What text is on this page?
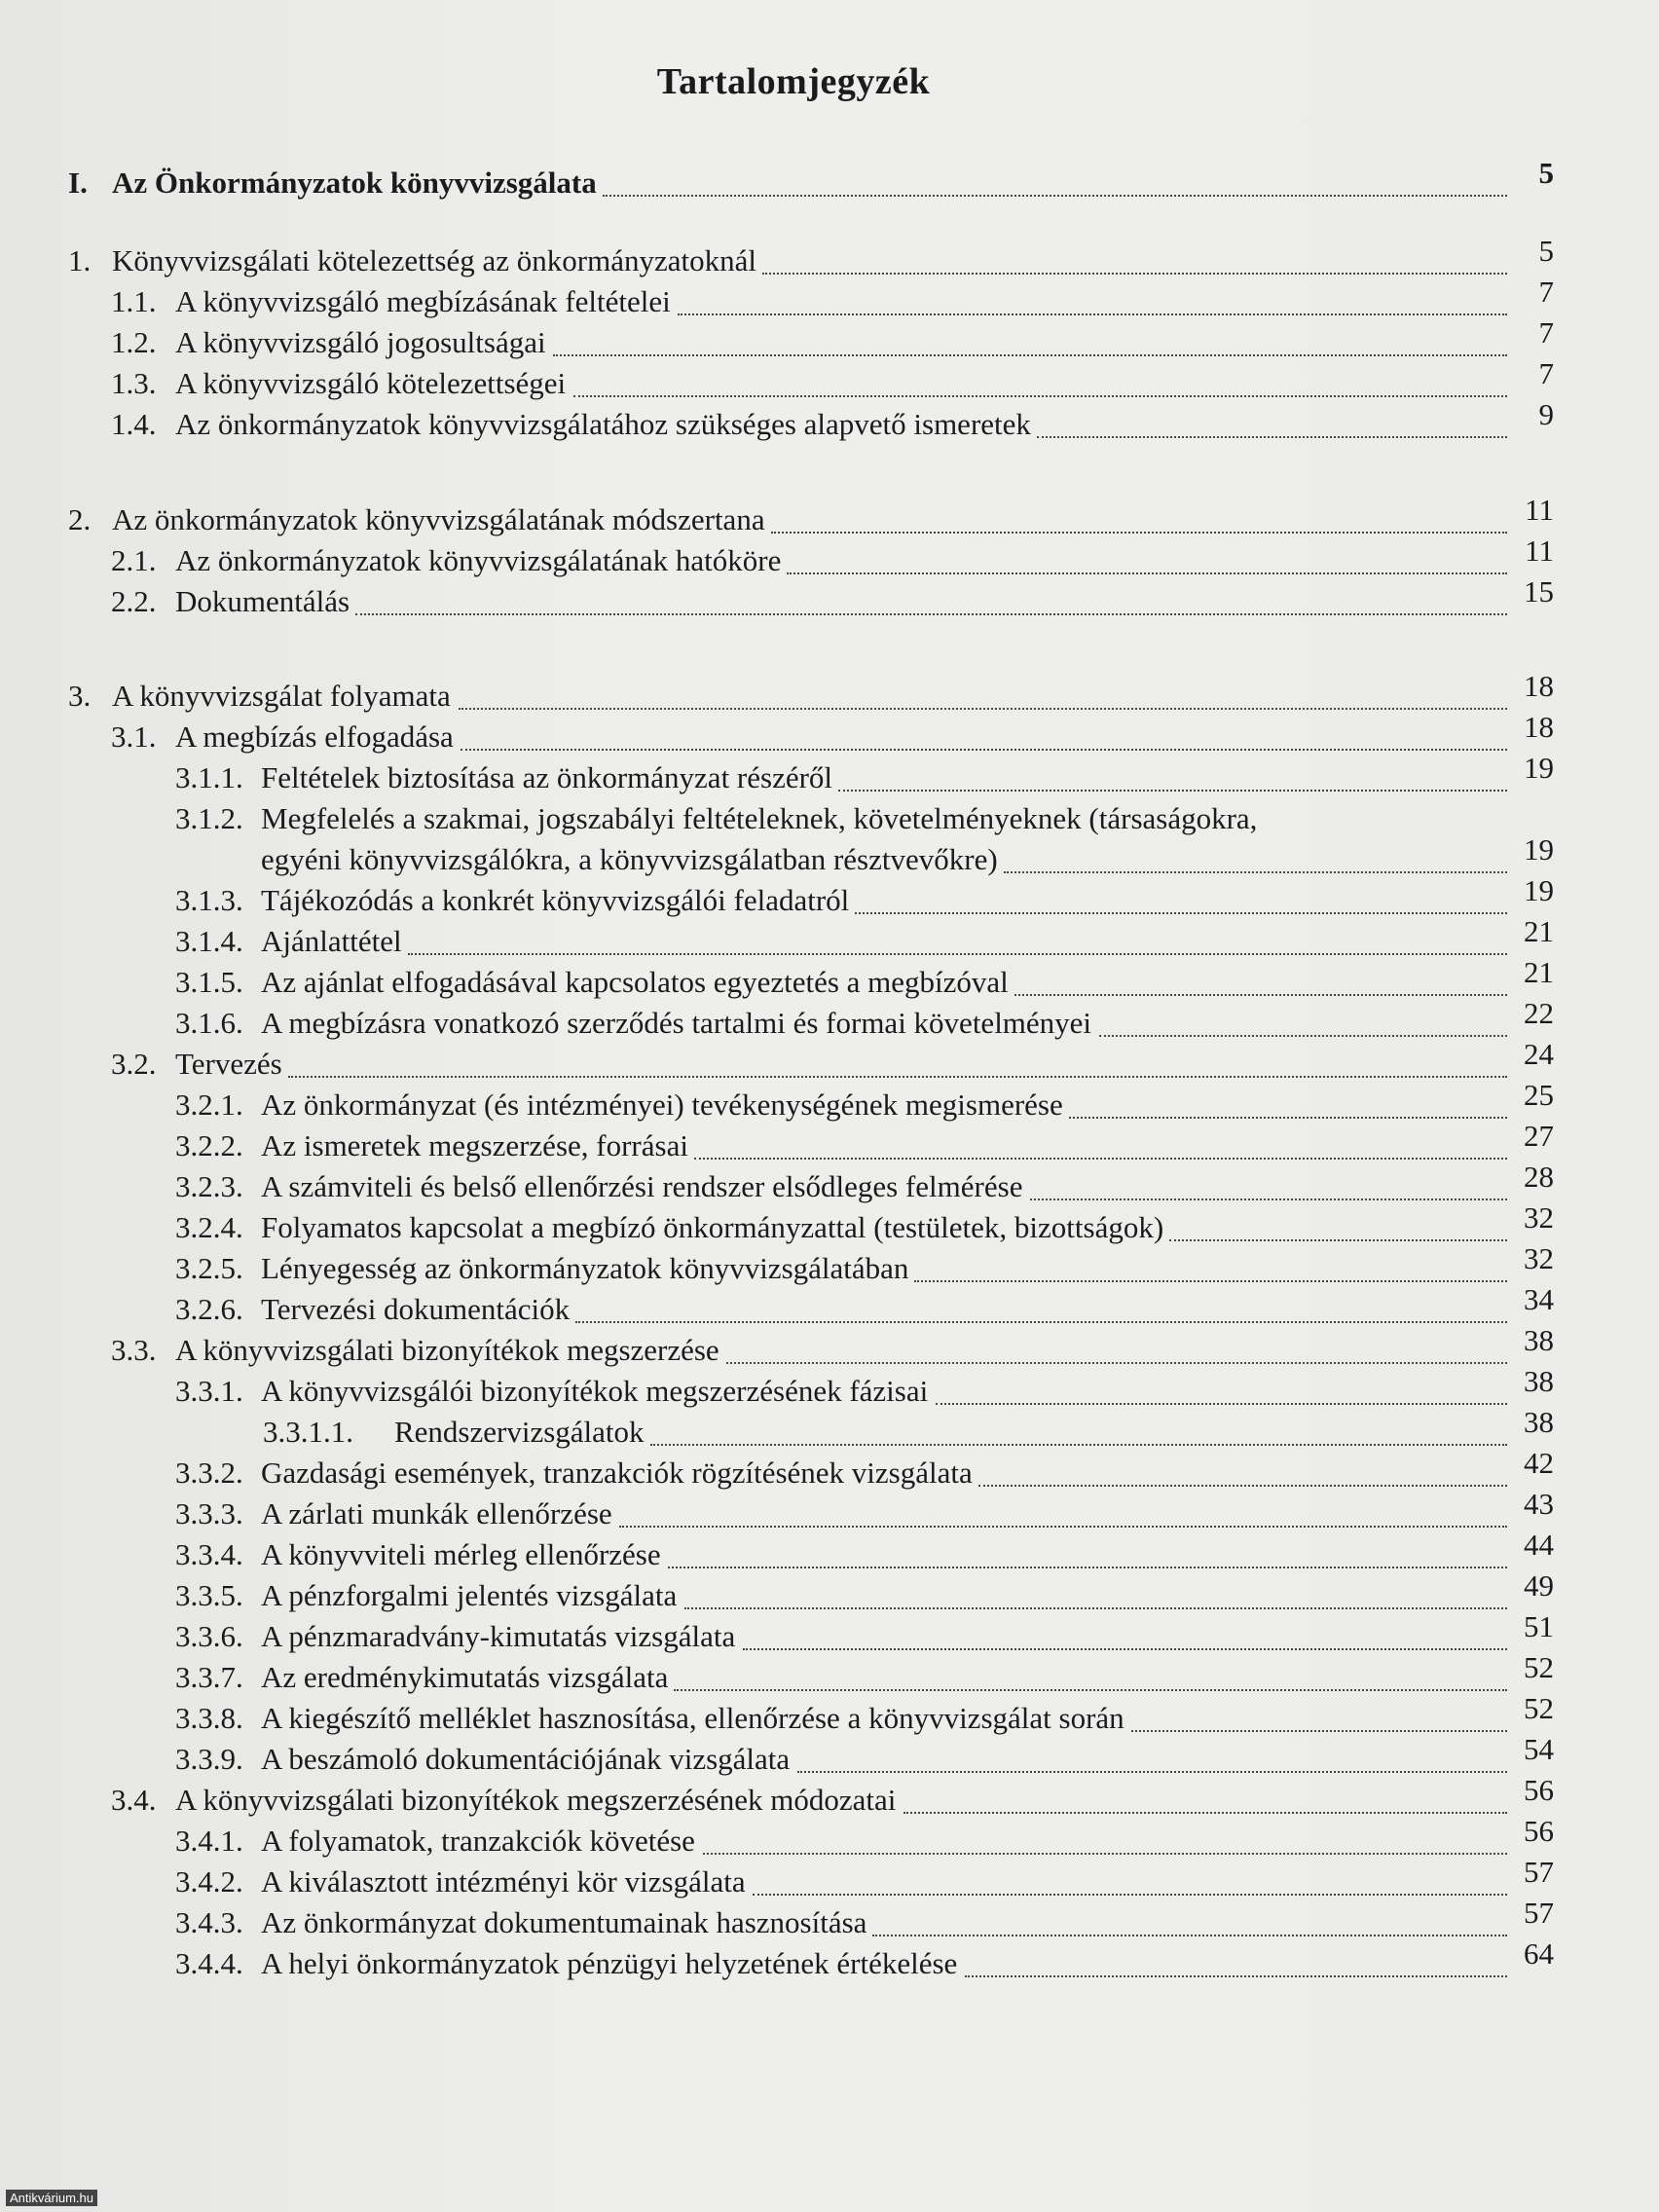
Tartalomjegyzék
I. Az Önkormányzatok könyvvizsgálata	5
1. Könyvvizsgálati kötelezettség az önkormányzatoknál	5
1.1. A könyvvizsgáló megbízásának feltételei	7
1.2. A könyvvizsgáló jogosultságai	7
1.3. A könyvvizsgáló kötelezettségei	7
1.4. Az önkormányzatok könyvvizsgálatához szükséges alapvető ismeretek	9
2. Az önkormányzatok könyvvizsgálatának módszertana	11
2.1. Az önkormányzatok könyvvizsgálatának hatóköre	11
2.2. Dokumentálás	15
3. A könyvvizsgálat folyamata	18
3.1. A megbízás elfogadása	18
3.1.1. Feltételek biztosítása az önkormányzat részéről	19
3.1.2. Megfelelés a szakmai, jogszabályi feltételeknek, követelményeknek (társaságokra,
egyéni könyvvizsgálókra, a könyvvizsgálatban résztvevőkre)	19
3.1.3. Tájékozódás a konkrét könyvvizsgálói feladatról	19
3.1.4. Ajánlattétel	21
3.1.5. Az ajánlat elfogadásával kapcsolatos egyeztetés a megbízóval	21
3.1.6. A megbízásra vonatkozó szerződés tartalmi és formai követelményei	22
3.2. Tervezés	24
3.2.1. Az önkormányzat (és intézményei) tevékenységének megismerése	25
3.2.2. Az ismeretek megszerzése, forrásai	27
3.2.3. A számviteli és belső ellenőrzési rendszer elsődleges felmérése	28
3.2.4. Folyamatos kapcsolat a megbízó önkormányzattal (testületek, bizottságok)	32
3.2.5. Lényegesség az önkormányzatok könyvvizsgálatában	32
3.2.6. Tervezési dokumentációk	34
3.3. A könyvvizsgálati bizonyítékok megszerzése	38
3.3.1. A könyvvizsgálói bizonyítékok megszerzésének fázisai	38
3.3.1.1. Rendszervizsgálatok	38
3.3.2. Gazdasági események, tranzakciók rögzítésének vizsgálata	42
3.3.3. A zárlati munkák ellenőrzése	43
3.3.4. A könyvviteli mérleg ellenőrzése	44
3.3.5. A pénzforgalmi jelentés vizsgálata	49
3.3.6. A pénzmaradvány-kimutatás vizsgálata	51
3.3.7. Az eredménykimutatás vizsgálata	52
3.3.8. A kiegészítő melléklet hasznosítása, ellenőrzése a könyvvizsgálat során	52
3.3.9. A beszámoló dokumentációjának vizsgálata	54
3.4. A könyvvizsgálati bizonyítékok megszerzésének módozatai	56
3.4.1. A folyamatok, tranzakciók követése	56
3.4.2. A kiválasztott intézményi kör vizsgálata	57
3.4.3. Az önkormányzat dokumentumainak hasznosítása	57
3.4.4. A helyi önkormányzatok pénzügyi helyzetének értékelése	64
Antikvárium.hu
